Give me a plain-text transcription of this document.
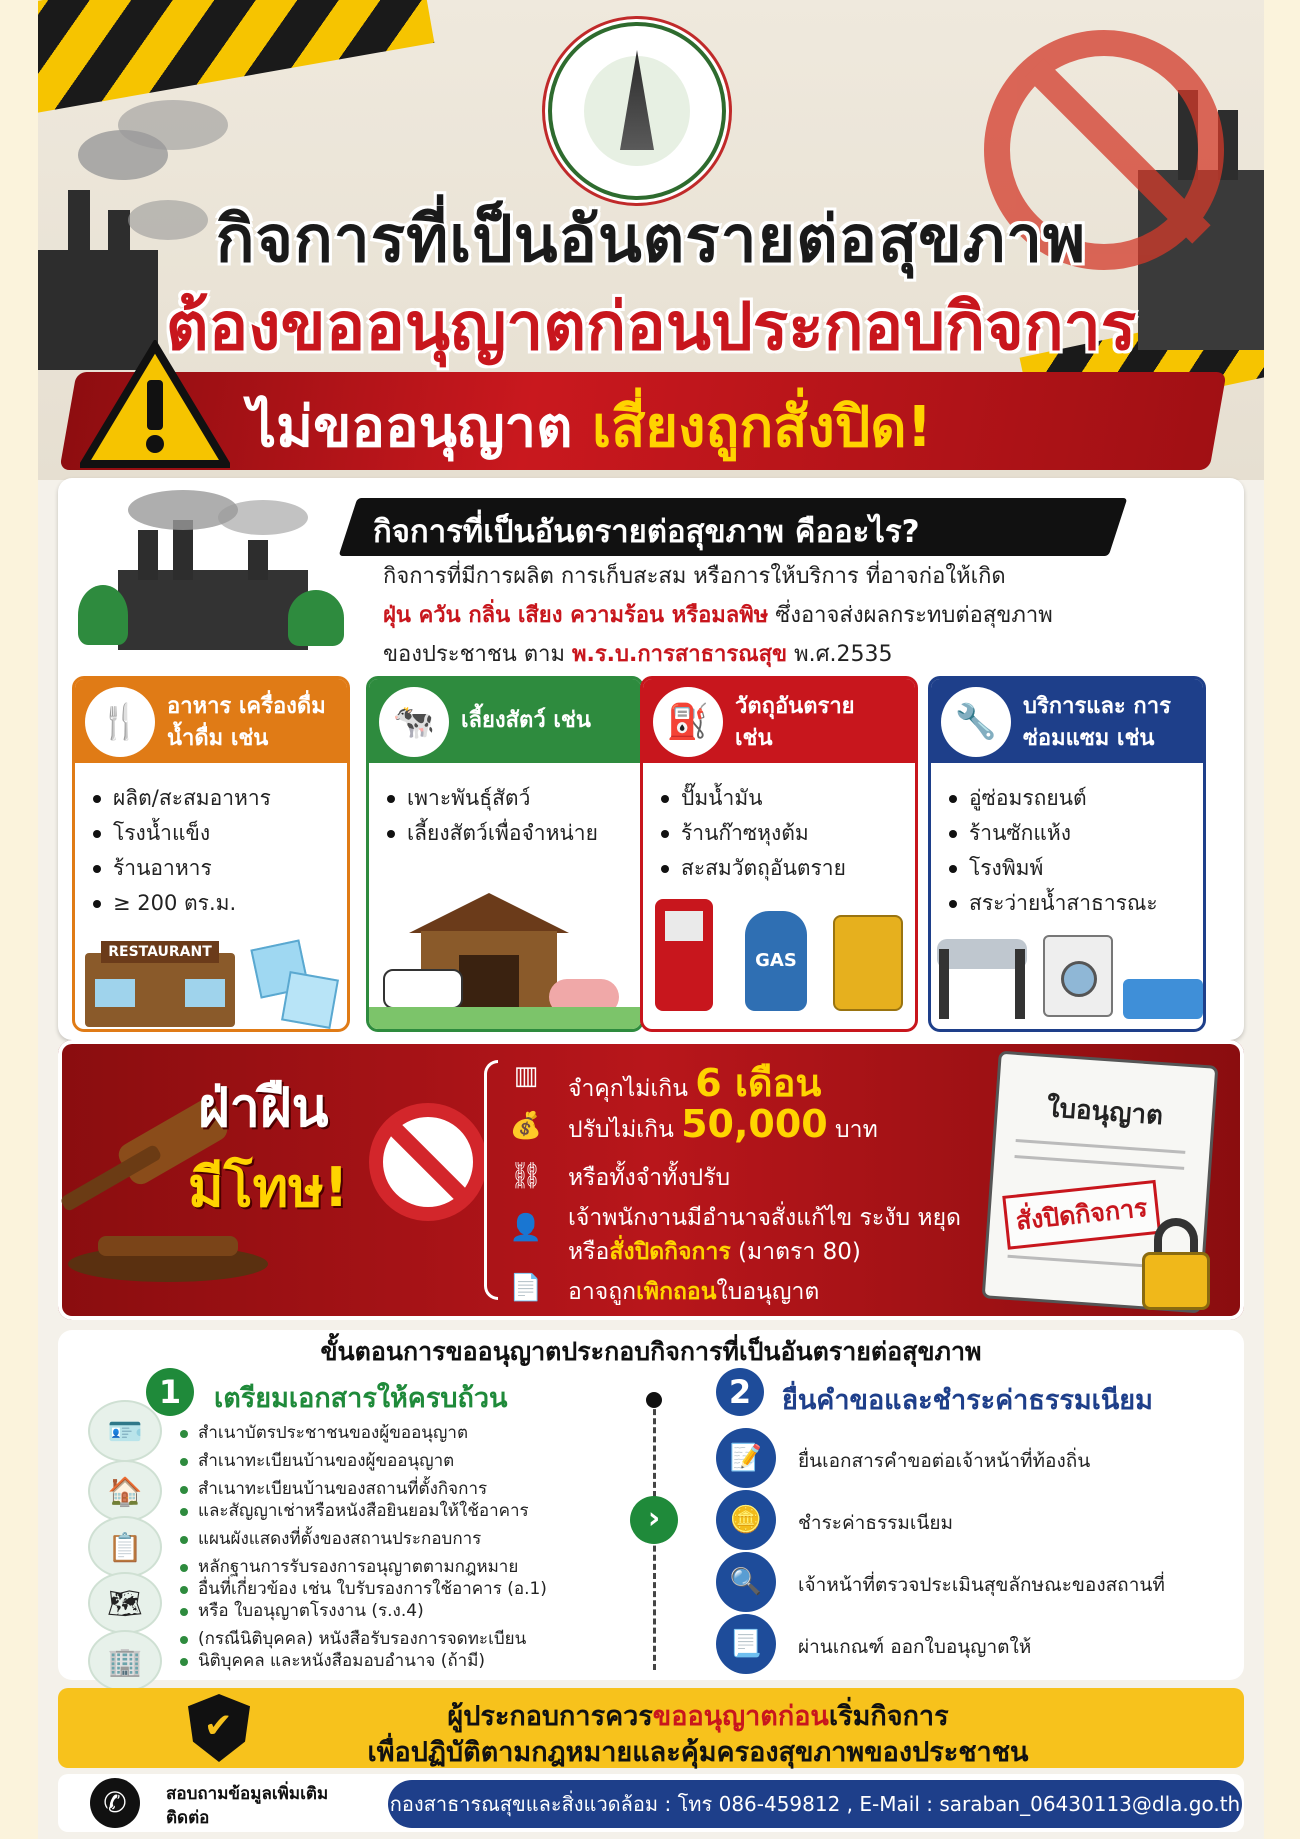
กิจการที่เป็นอันตรายต่อสุขภาพ
ต้องขออนุญาตก่อนประกอบกิจการ
ไม่ขออนุญาต เสี่ยงถูกสั่งปิด!
กิจการที่เป็นอันตรายต่อสุขภาพ คืออะไร?
กิจการที่มีการผลิต การเก็บสะสม หรือการให้บริการ ที่อาจก่อให้เกิด
ฝุ่น ควัน กลิ่น เสียง ความร้อน หรือมลพิษ ซึ่งอาจส่งผลกระทบต่อสุขภาพ
ของประชาชน ตาม พ.ร.บ.การสาธารณสุข พ.ศ.2535
🍴	อาหาร เครื่องดื่ม น้ำดื่ม เช่น
ผลิต/สะสมอาหาร
โรงน้ำแข็ง
ร้านอาหาร
≥ 200 ตร.ม.
RESTAURANT
🐄	เลี้ยงสัตว์ เช่น
เพาะพันธุ์สัตว์
เลี้ยงสัตว์เพื่อจำหน่าย
⛽	วัตถุอันตราย เช่น
ปั๊มน้ำมัน
ร้านก๊าซหุงต้ม
สะสมวัตถุอันตราย
GAS
🔧	บริการและ การซ่อมแซม เช่น
อู่ซ่อมรถยนต์
ร้านซักแห้ง
โรงพิมพ์
สระว่ายน้ำสาธารณะ
ฝ่าฝืน
มีโทษ!
▥ จำคุกไม่เกิน 6 เดือน
💰 ปรับไม่เกิน 50,000 บาท
⛓ หรือทั้งจำทั้งปรับ
👤 เจ้าพนักงานมีอำนาจสั่งแก้ไข ระงับ หยุด
หรือสั่งปิดกิจการ (มาตรา 80)
📄 อาจถูกเพิกถอนใบอนุญาต
ใบอนุญาต
สั่งปิดกิจการ
ขั้นตอนการขออนุญาตประกอบกิจการที่เป็นอันตรายต่อสุขภาพ
1	เตรียมเอกสารให้ครบถ้วน
🪪
🏠
📋
🗺
🏢
สำเนาบัตรประชาชนของผู้ขออนุญาต
สำเนาทะเบียนบ้านของผู้ขออนุญาต
สำเนาทะเบียนบ้านของสถานที่ตั้งกิจการ
และสัญญาเช่าหรือหนังสือยินยอมให้ใช้อาคาร
แผนผังแสดงที่ตั้งของสถานประกอบการ
หลักฐานการรับรองการอนุญาตตามกฎหมาย
อื่นที่เกี่ยวข้อง เช่น ใบรับรองการใช้อาคาร (อ.1)
หรือ ใบอนุญาตโรงงาน (ร.ง.4)
(กรณีนิติบุคคล) หนังสือรับรองการจดทะเบียน
นิติบุคคล และหนังสือมอบอำนาจ (ถ้ามี)
›
2	ยื่นคำขอและชำระค่าธรรมเนียม
📝	ยื่นเอกสารคำขอต่อเจ้าหน้าที่ท้องถิ่น
🪙	ชำระค่าธรรมเนียม
🔍	เจ้าหน้าที่ตรวจประเมินสุขลักษณะของสถานที่
📃	ผ่านเกณฑ์ ออกใบอนุญาตให้
✔
ผู้ประกอบการควรขออนุญาตก่อนเริ่มกิจการ
เพื่อปฏิบัติตามกฎหมายและคุ้มครองสุขภาพของประชาชน
✆	สอบถามข้อมูลเพิ่มเติม
ติดต่อ
กองสาธารณสุขและสิ่งแวดล้อม : โทร 086-459812 , E-Mail : saraban_06430113@dla.go.th
